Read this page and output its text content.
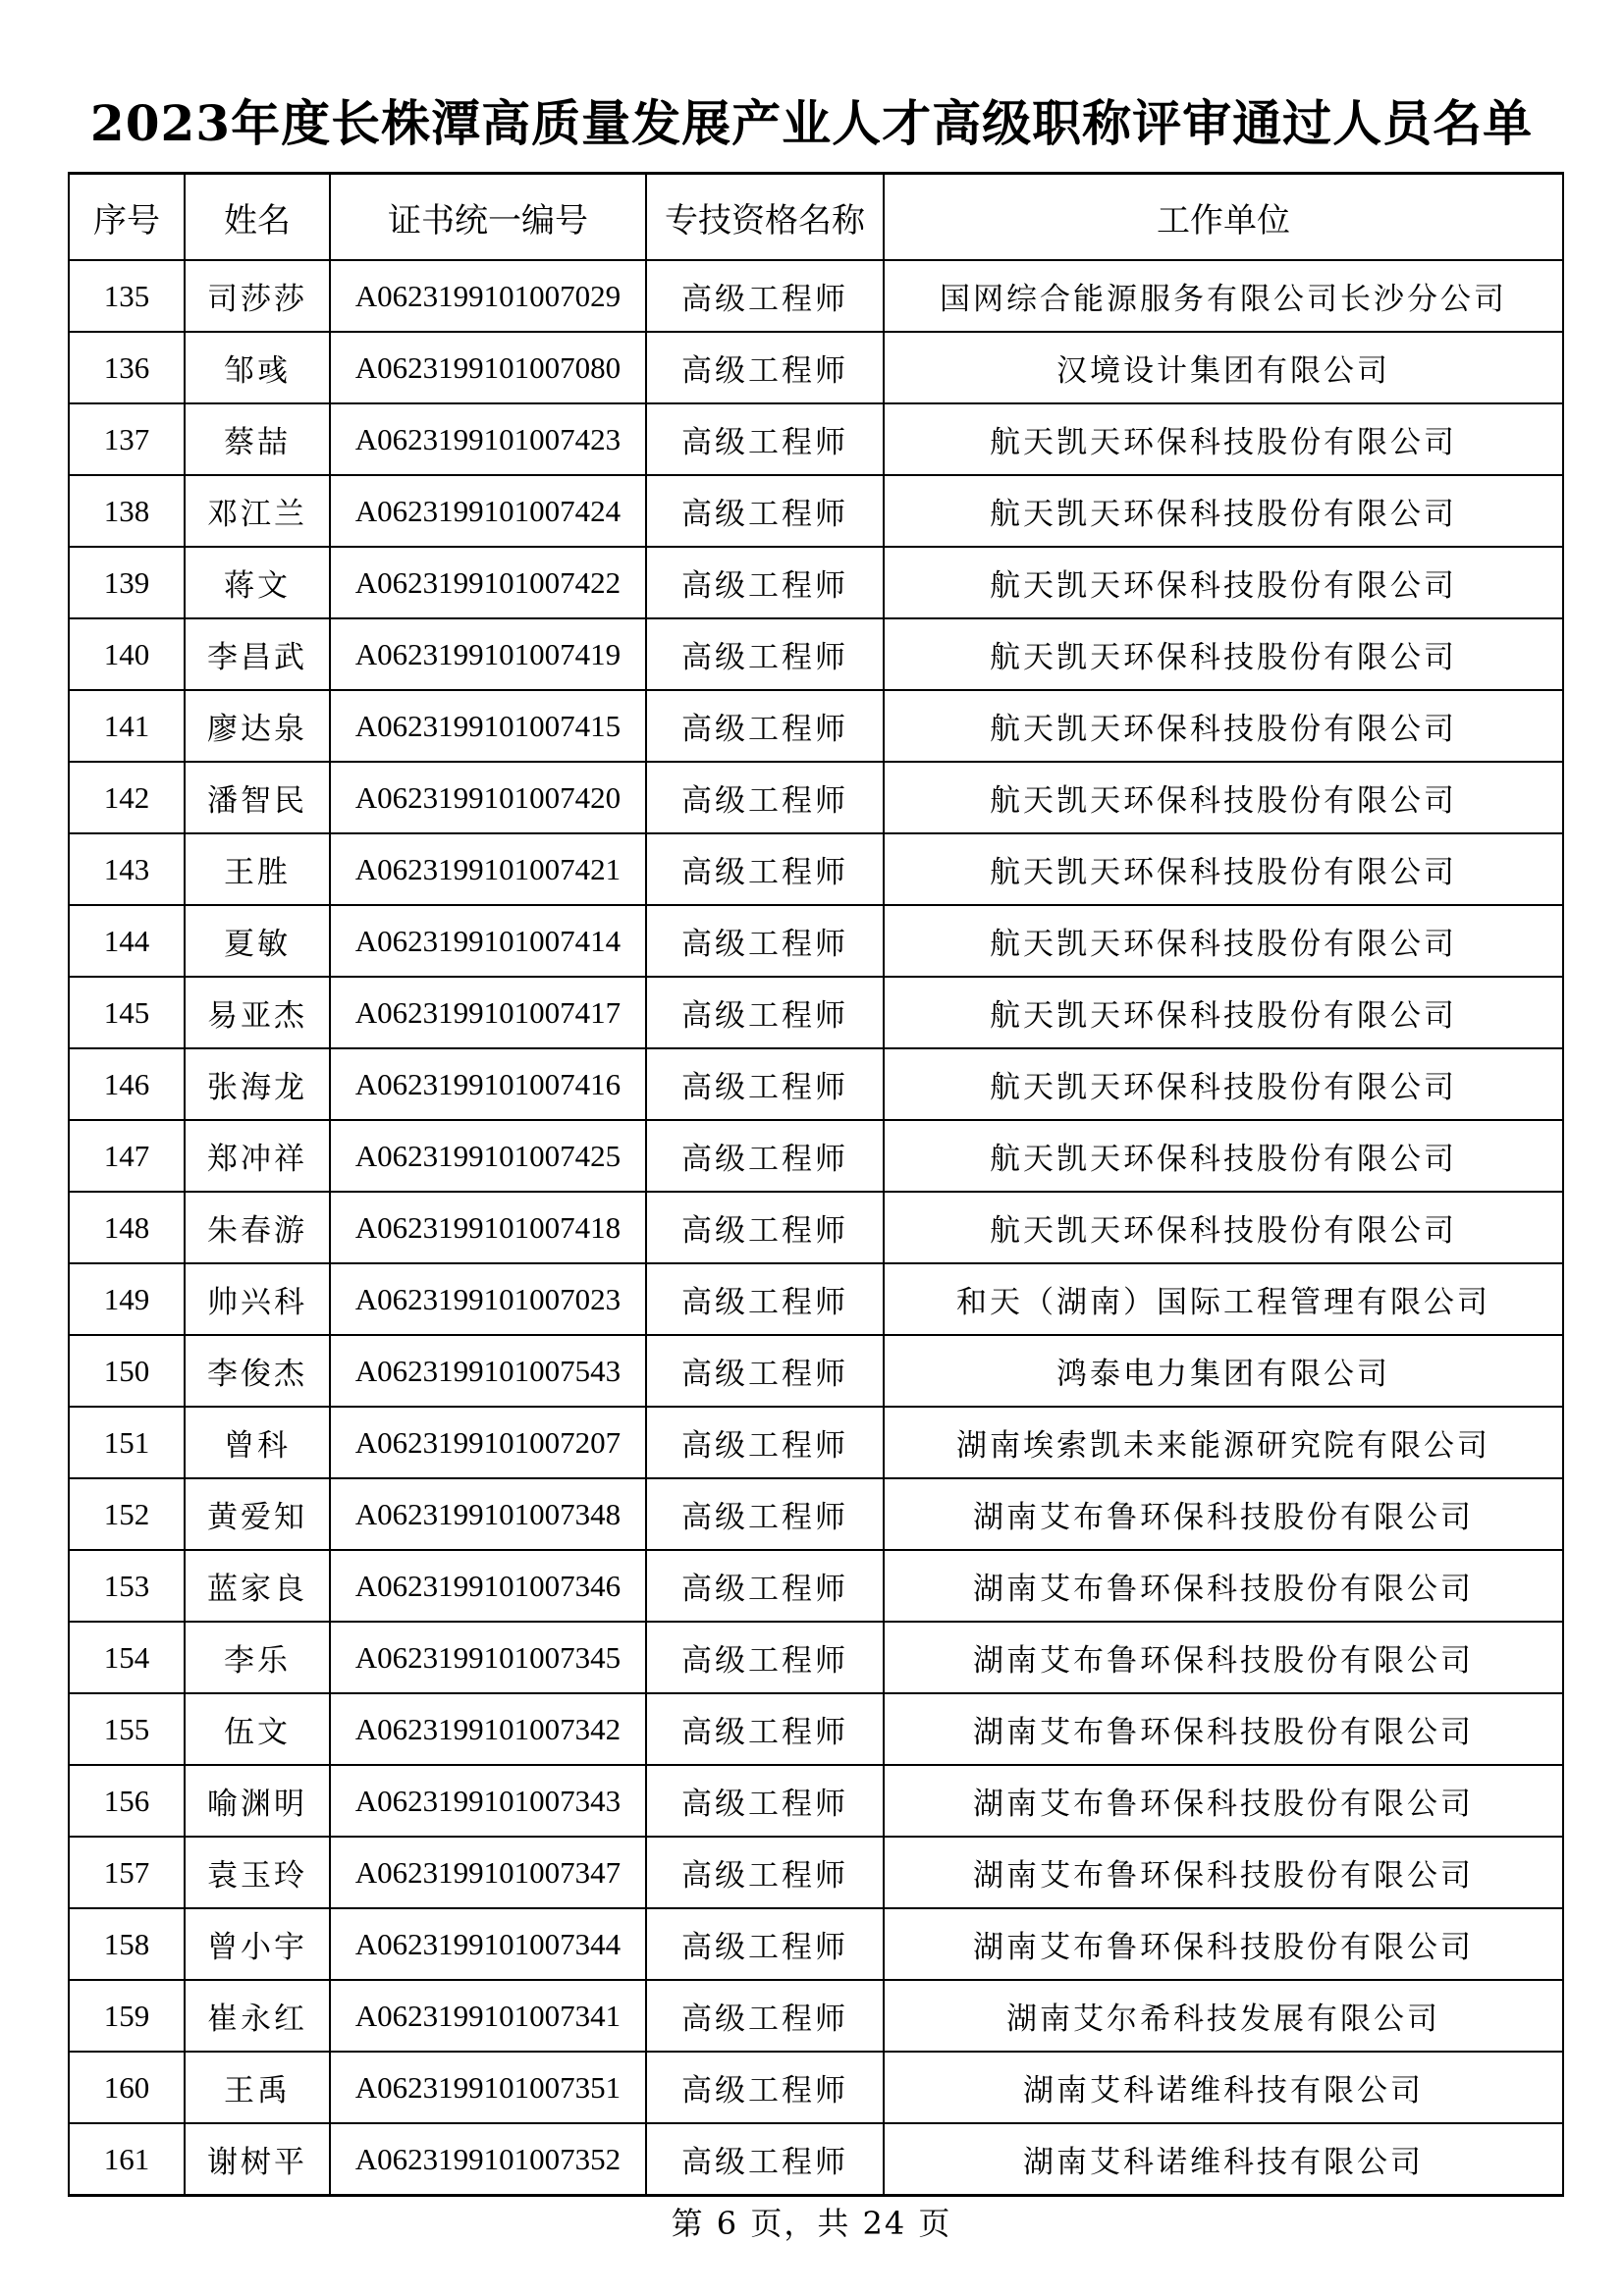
2023年度长株潭高质量发展产业人才高级职称评审通过人员名单
序号	姓名	证书统一编号	专技资格名称	工作单位
135	司莎莎	A0623199101007029	高级工程师	国网综合能源服务有限公司长沙分公司
136	邹彧	A0623199101007080	高级工程师	汉境设计集团有限公司
137	蔡喆	A0623199101007423	高级工程师	航天凯天环保科技股份有限公司
138	邓江兰	A0623199101007424	高级工程师	航天凯天环保科技股份有限公司
139	蒋文	A0623199101007422	高级工程师	航天凯天环保科技股份有限公司
140	李昌武	A0623199101007419	高级工程师	航天凯天环保科技股份有限公司
141	廖达泉	A0623199101007415	高级工程师	航天凯天环保科技股份有限公司
142	潘智民	A0623199101007420	高级工程师	航天凯天环保科技股份有限公司
143	王胜	A0623199101007421	高级工程师	航天凯天环保科技股份有限公司
144	夏敏	A0623199101007414	高级工程师	航天凯天环保科技股份有限公司
145	易亚杰	A0623199101007417	高级工程师	航天凯天环保科技股份有限公司
146	张海龙	A0623199101007416	高级工程师	航天凯天环保科技股份有限公司
147	郑冲祥	A0623199101007425	高级工程师	航天凯天环保科技股份有限公司
148	朱春游	A0623199101007418	高级工程师	航天凯天环保科技股份有限公司
149	帅兴科	A0623199101007023	高级工程师	和天（湖南）国际工程管理有限公司
150	李俊杰	A0623199101007543	高级工程师	鸿泰电力集团有限公司
151	曾科	A0623199101007207	高级工程师	湖南埃索凯未来能源研究院有限公司
152	黄爱知	A0623199101007348	高级工程师	湖南艾布鲁环保科技股份有限公司
153	蓝家良	A0623199101007346	高级工程师	湖南艾布鲁环保科技股份有限公司
154	李乐	A0623199101007345	高级工程师	湖南艾布鲁环保科技股份有限公司
155	伍文	A0623199101007342	高级工程师	湖南艾布鲁环保科技股份有限公司
156	喻渊明	A0623199101007343	高级工程师	湖南艾布鲁环保科技股份有限公司
157	袁玉玲	A0623199101007347	高级工程师	湖南艾布鲁环保科技股份有限公司
158	曾小宇	A0623199101007344	高级工程师	湖南艾布鲁环保科技股份有限公司
159	崔永红	A0623199101007341	高级工程师	湖南艾尔希科技发展有限公司
160	王禹	A0623199101007351	高级工程师	湖南艾科诺维科技有限公司
161	谢树平	A0623199101007352	高级工程师	湖南艾科诺维科技有限公司
第 6 页，共 24 页
